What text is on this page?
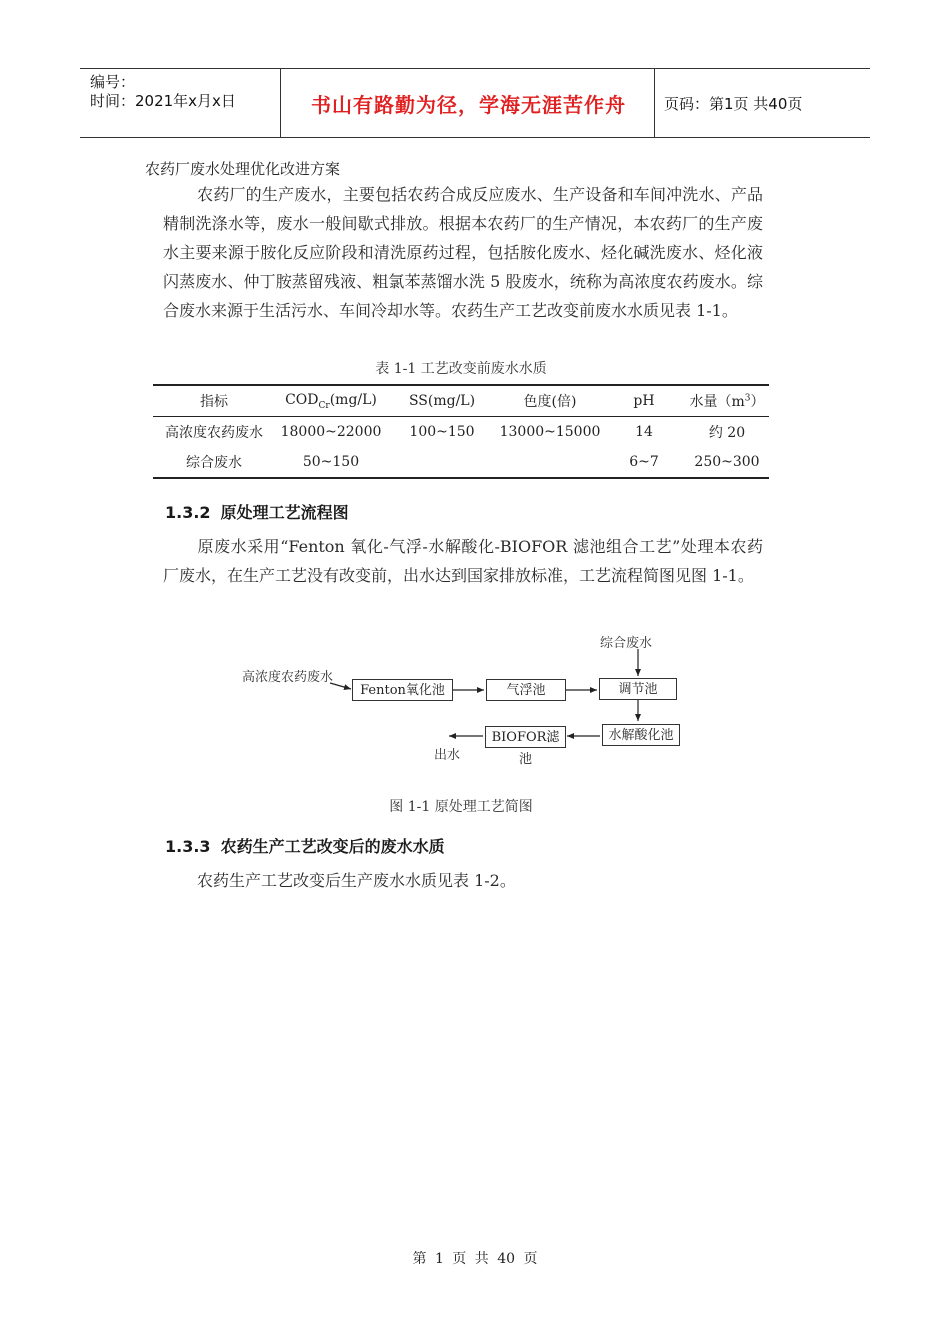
编号：
时间：2021年x月x日	书山有路勤为径，学海无涯苦作舟	页码：第1页 共40页
农药厂废水处理优化改进方案
农药厂的生产废水，主要包括农药合成反应废水、生产设备和车间冲洗水、产品精制洗涤水等，废水一般间歇式排放。根据本农药厂的生产情况，本农药厂的生产废水主要来源于胺化反应阶段和清洗原药过程，包括胺化废水、烃化碱洗废水、烃化液闪蒸废水、仲丁胺蒸留残液、粗氯苯蒸馏水洗 5 股废水，统称为高浓度农药废水。综合废水来源于生活污水、车间冷却水等。农药生产工艺改变前废水水质见表 1-1。
表 1-1 工艺改变前废水水质
指标	$COD_{Cr}(mg/L)$	SS(mg/L)	色度(倍)	pH	水量$(m^3)$
高浓度农药废水	18000~22000	100~150	13000~15000	14	约 20
综合废水	50~150			6~7	250~300
1.3.2 原处理工艺流程图
原废水采用“Fenton 氧化-气浮-水解酸化-BIOFOR 滤池组合工艺”处理本农药厂废水，在生产工艺没有改变前，出水达到国家排放标准，工艺流程简图见图 1-1。
高浓度农药废水
综合废水
Fenton氧化池	气浮池	调节池
水解酸化池
BIOFOR滤池
出水
图 1-1 原处理工艺简图
1.3.3 农药生产工艺改变后的废水水质
农药生产工艺改变后生产废水水质见表 1-2。
第 1 页 共 40 页
